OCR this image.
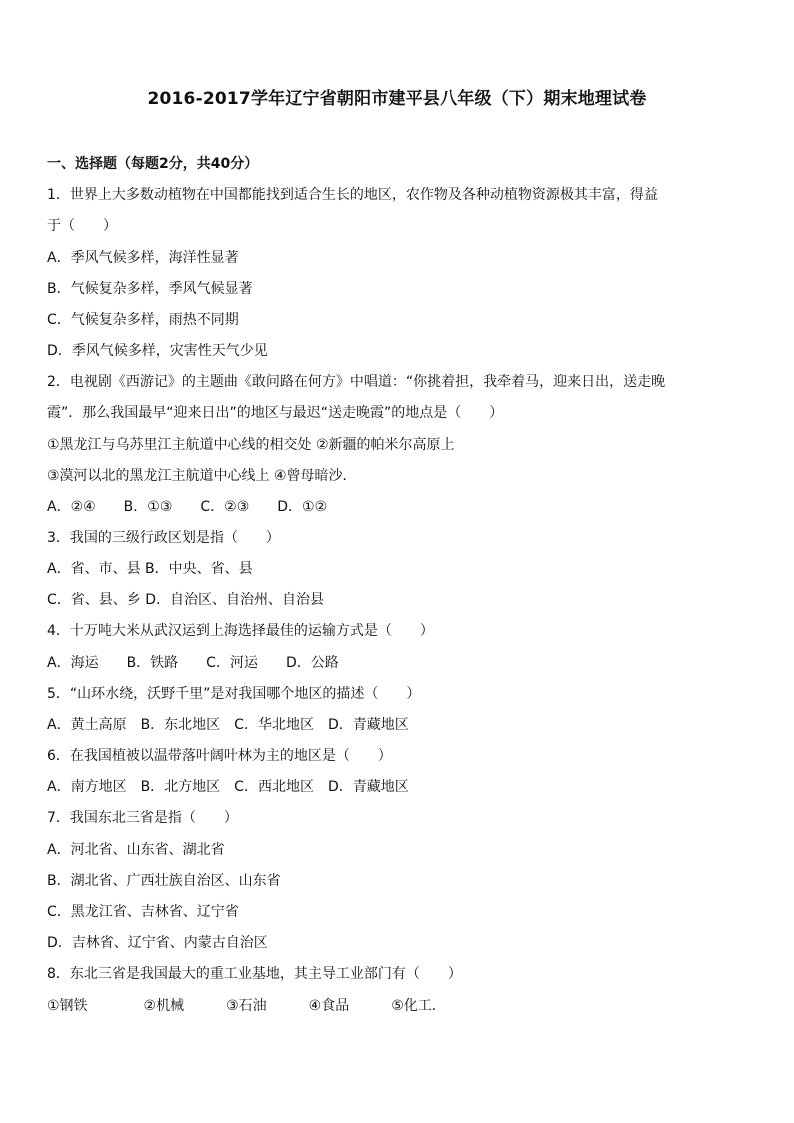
2016-2017学年辽宁省朝阳市建平县八年级（下）期末地理试卷
一、选择题（每题2分，共40分）
1．世界上大多数动植物在中国都能找到适合生长的地区，农作物及各种动植物资源极其丰富，得益
于（　　）
A．季风气候多样，海洋性显著
B．气候复杂多样，季风气候显著
C．气候复杂多样，雨热不同期
D．季风气候多样，灾害性天气少见
2．电视剧《西游记》的主题曲《敢问路在何方》中唱道：“你挑着担，我牵着马，迎来日出，送走晚
霞”．那么我国最早“迎来日出”的地区与最迟“送走晚霞”的地点是（　　）
①黑龙江与乌苏里江主航道中心线的相交处 ②新疆的帕米尔高原上
③漠河以北的黑龙江主航道中心线上 ④曾母暗沙．
A．②④　　B．①③　　C．②③　　D．①②
3．我国的三级行政区划是指（　　）
A．省、市、县 B．中央、省、县
C．省、县、乡 D．自治区、自治州、自治县
4．十万吨大米从武汉运到上海选择最佳的运输方式是（　　）
A．海运　　B．铁路　　C．河运　　D．公路
5．“山环水绕，沃野千里”是对我国哪个地区的描述（　　）
A．黄土高原　B．东北地区　C．华北地区　D．青藏地区
6．在我国植被以温带落叶阔叶林为主的地区是（　　）
A．南方地区　B．北方地区　C．西北地区　D．青藏地区
7．我国东北三省是指（　　）
A．河北省、山东省、湖北省
B．湖北省、广西壮族自治区、山东省
C．黑龙江省、吉林省、辽宁省
D．吉林省、辽宁省、内蒙古自治区
8．东北三省是我国最大的重工业基地，其主导工业部门有（　　）
①钢铁　　　　②机械　　　③石油　　　④食品　　　⑤化工．
